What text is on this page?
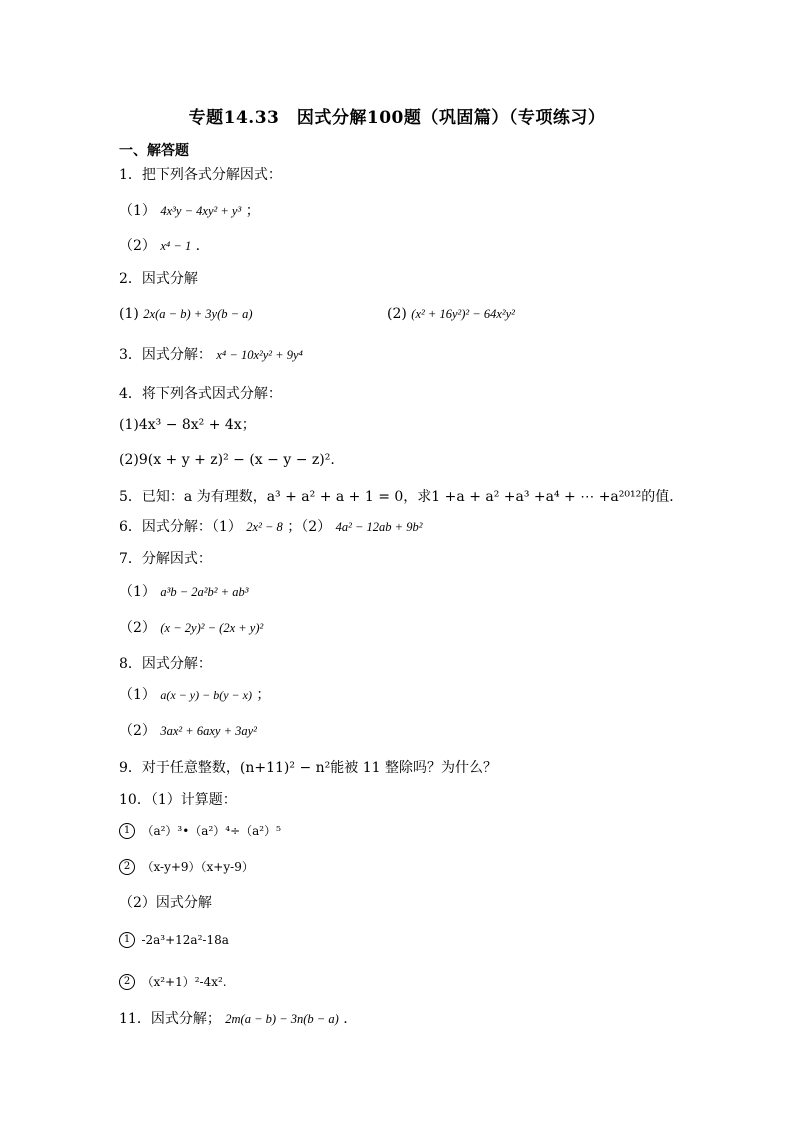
专题14.33　因式分解100题（巩固篇）（专项练习）
一、解答题
1．把下列各式分解因式：
（1） 4x³y − 4xy² + y³ ；
（2） x⁴ − 1 .
2．因式分解
(1) 2x(a − b) + 3y(b − a)	(2) (x² + 16y²)² − 64x²y²
3．因式分解： x⁴ − 10x²y² + 9y⁴
4．将下列各式因式分解：
(1)4x³ − 8x² + 4x；
(2)9(x + y + z)² − (x − y − z)².
5．已知：a 为有理数，a³ + a² + a + 1 = 0，求1 +a + a² +a³ +a⁴ + ⋯ +a²⁰¹²的值．
6．因式分解：（1） 2x² − 8 ；（2） 4a² − 12ab + 9b²
7．分解因式：
（1） a³b − 2a²b² + ab³
（2） (x − 2y)² − (2x + y)²
8．因式分解：
（1） a(x − y) − b(y − x) ；
（2） 3ax² + 6axy + 3ay²
9．对于任意整数，(n+11)² − n²能被 11 整除吗？为什么？
10．（1）计算题：
1 （a²）³•（a²）⁴÷（a²）⁵
2 （x-y+9）（x+y-9）
（2）因式分解
1 -2a³+12a²-18a
2 （x²+1）²-4x².
11．因式分解； 2m(a − b) − 3n(b − a) .
